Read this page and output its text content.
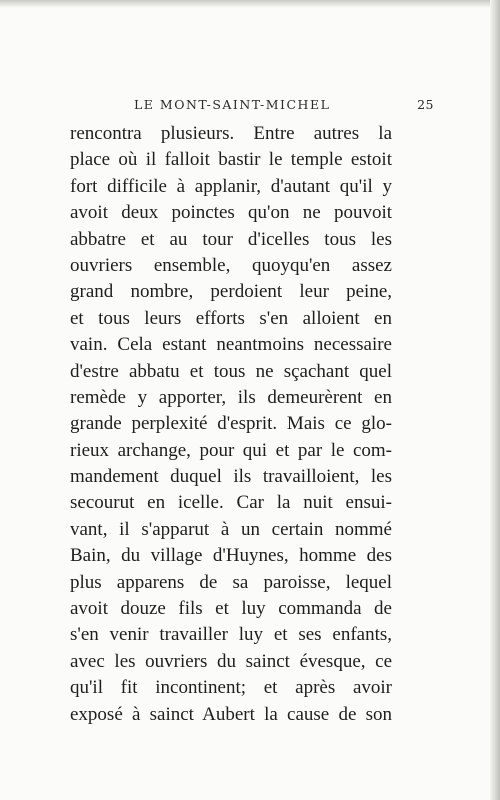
LE MONT-SAINT-MICHEL	25
rencontra plusieurs. Entre autres la
place où il falloit bastir le temple estoit
fort difficile à applanir, d'autant qu'il y
avoit deux poinctes qu'on ne pouvoit
abbatre et au tour d'icelles tous les
ouvriers ensemble, quoyqu'en assez
grand nombre, perdoient leur peine,
et tous leurs efforts s'en alloient en
vain. Cela estant neantmoins necessaire
d'estre abbatu et tous ne sçachant quel
remède y apporter, ils demeurèrent en
grande perplexité d'esprit. Mais ce glo-
rieux archange, pour qui et par le com-
mandement duquel ils travailloient, les
secourut en icelle. Car la nuit ensui-
vant, il s'apparut à un certain nommé
Bain, du village d'Huynes, homme des
plus apparens de sa paroisse, lequel
avoit douze fils et luy commanda de
s'en venir travailler luy et ses enfants,
avec les ouvriers du sainct évesque, ce
qu'il fit incontinent; et après avoir
exposé à sainct Aubert la cause de son
